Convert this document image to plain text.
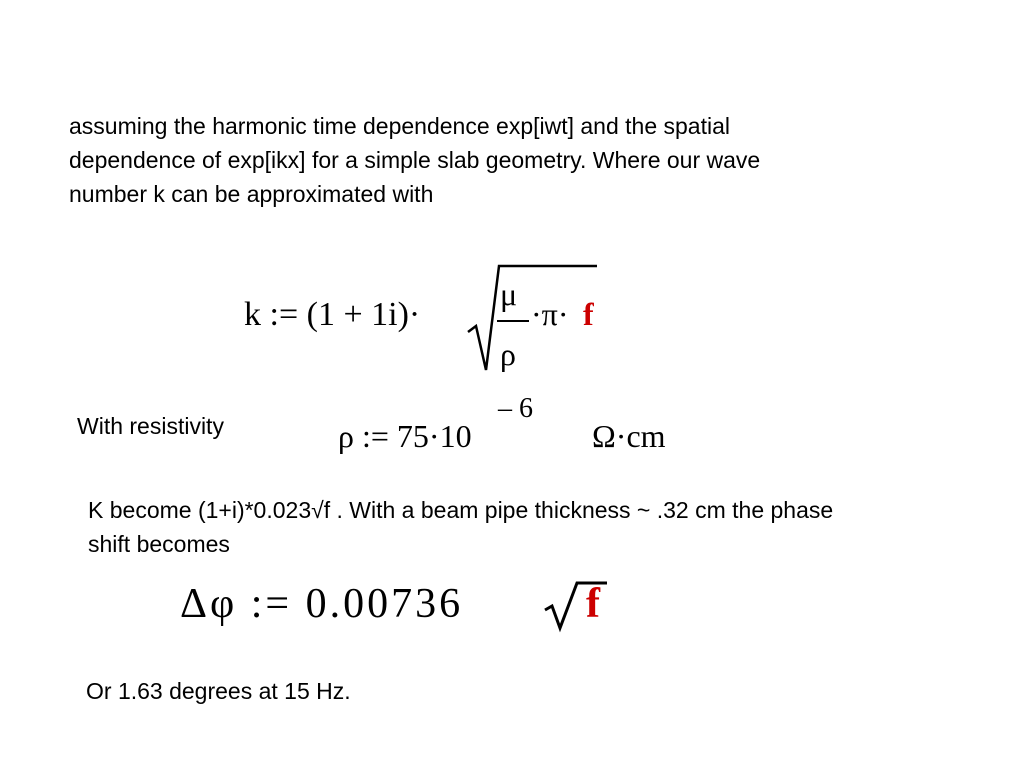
assuming the harmonic time dependence exp[iwt] and the spatial
dependence of exp[ikx] for a simple slab geometry. Where our wave
number k can be approximated with
k := (1 + 1i)·
μ
ρ
·π· f
With resistivity	ρ := 75·10
– 6
Ω·cm
K become (1+i)*0.023√f . With a beam pipe thickness ~ .32 cm the phase
shift becomes
Δφ := 0.00736	f
Or 1.63 degrees at 15 Hz.
